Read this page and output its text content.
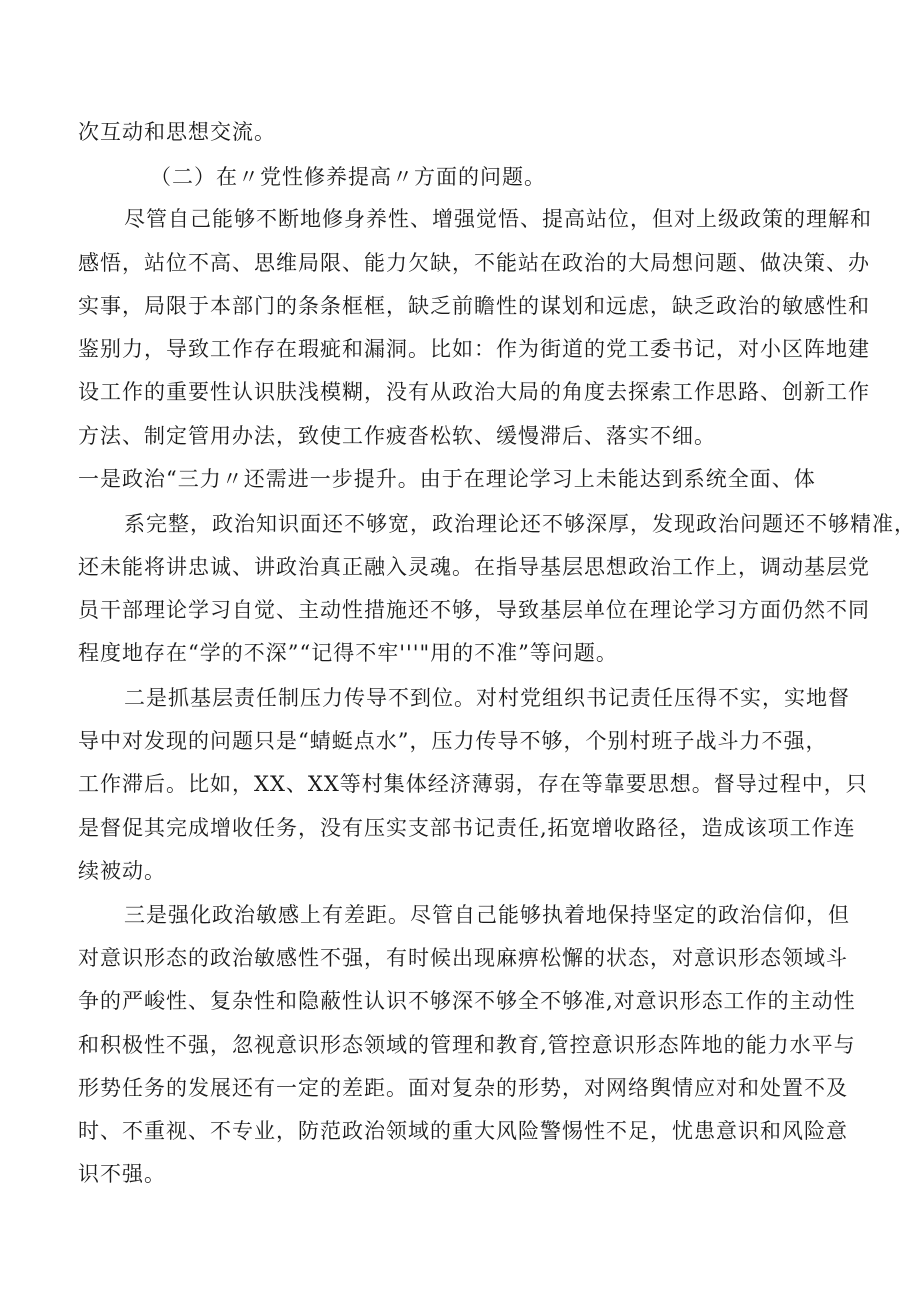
次互动和思想交流。

（二）在〃党性修养提高〃方面的问题。

尽管自己能够不断地修身养性、增强觉悟、提高站位，但对上级政策的理解和

感悟，站位不高、思维局限、能力欠缺，不能站在政治的大局想问题、做决策、办

实事，局限于本部门的条条框框，缺乏前瞻性的谋划和远虑，缺乏政治的敏感性和

鉴别力，导致工作存在瑕疵和漏洞。比如：作为街道的党工委书记，对小区阵地建

设工作的重要性认识肤浅模糊，没有从政治大局的角度去探索工作思路、创新工作

方法、制定管用办法，致使工作疲沓松软、缓慢滞后、落实不细。

一是政治“三力〃还需进一步提升。由于在理论学习上未能达到系统全面、体

系完整，政治知识面还不够宽，政治理论还不够深厚，发现政治问题还不够精准，

还未能将讲忠诚、讲政治真正融入灵魂。在指导基层思想政治工作上，调动基层党

员干部理论学习自觉、主动性措施还不够，导致基层单位在理论学习方面仍然不同

程度地存在“学的不深”“记得不牢'''"用的不准”等问题。

二是抓基层责任制压力传导不到位。对村党组织书记责任压得不实，实地督

导中对发现的问题只是“蜻蜓点水”，压力传导不够，个别村班子战斗力不强，

工作滞后。比如，XX、XX等村集体经济薄弱，存在等靠要思想。督导过程中，只

是督促其完成增收任务，没有压实支部书记责任,拓宽增收路径，造成该项工作连

续被动。

三是强化政治敏感上有差距。尽管自己能够执着地保持坚定的政治信仰，但

对意识形态的政治敏感性不强，有时候出现麻痹松懈的状态，对意识形态领域斗

争的严峻性、复杂性和隐蔽性认识不够深不够全不够准,对意识形态工作的主动性

和积极性不强，忽视意识形态领域的管理和教育,管控意识形态阵地的能力水平与

形势任务的发展还有一定的差距。面对复杂的形势，对网络舆情应对和处置不及

时、不重视、不专业，防范政治领域的重大风险警惕性不足，忧患意识和风险意

识不强。
